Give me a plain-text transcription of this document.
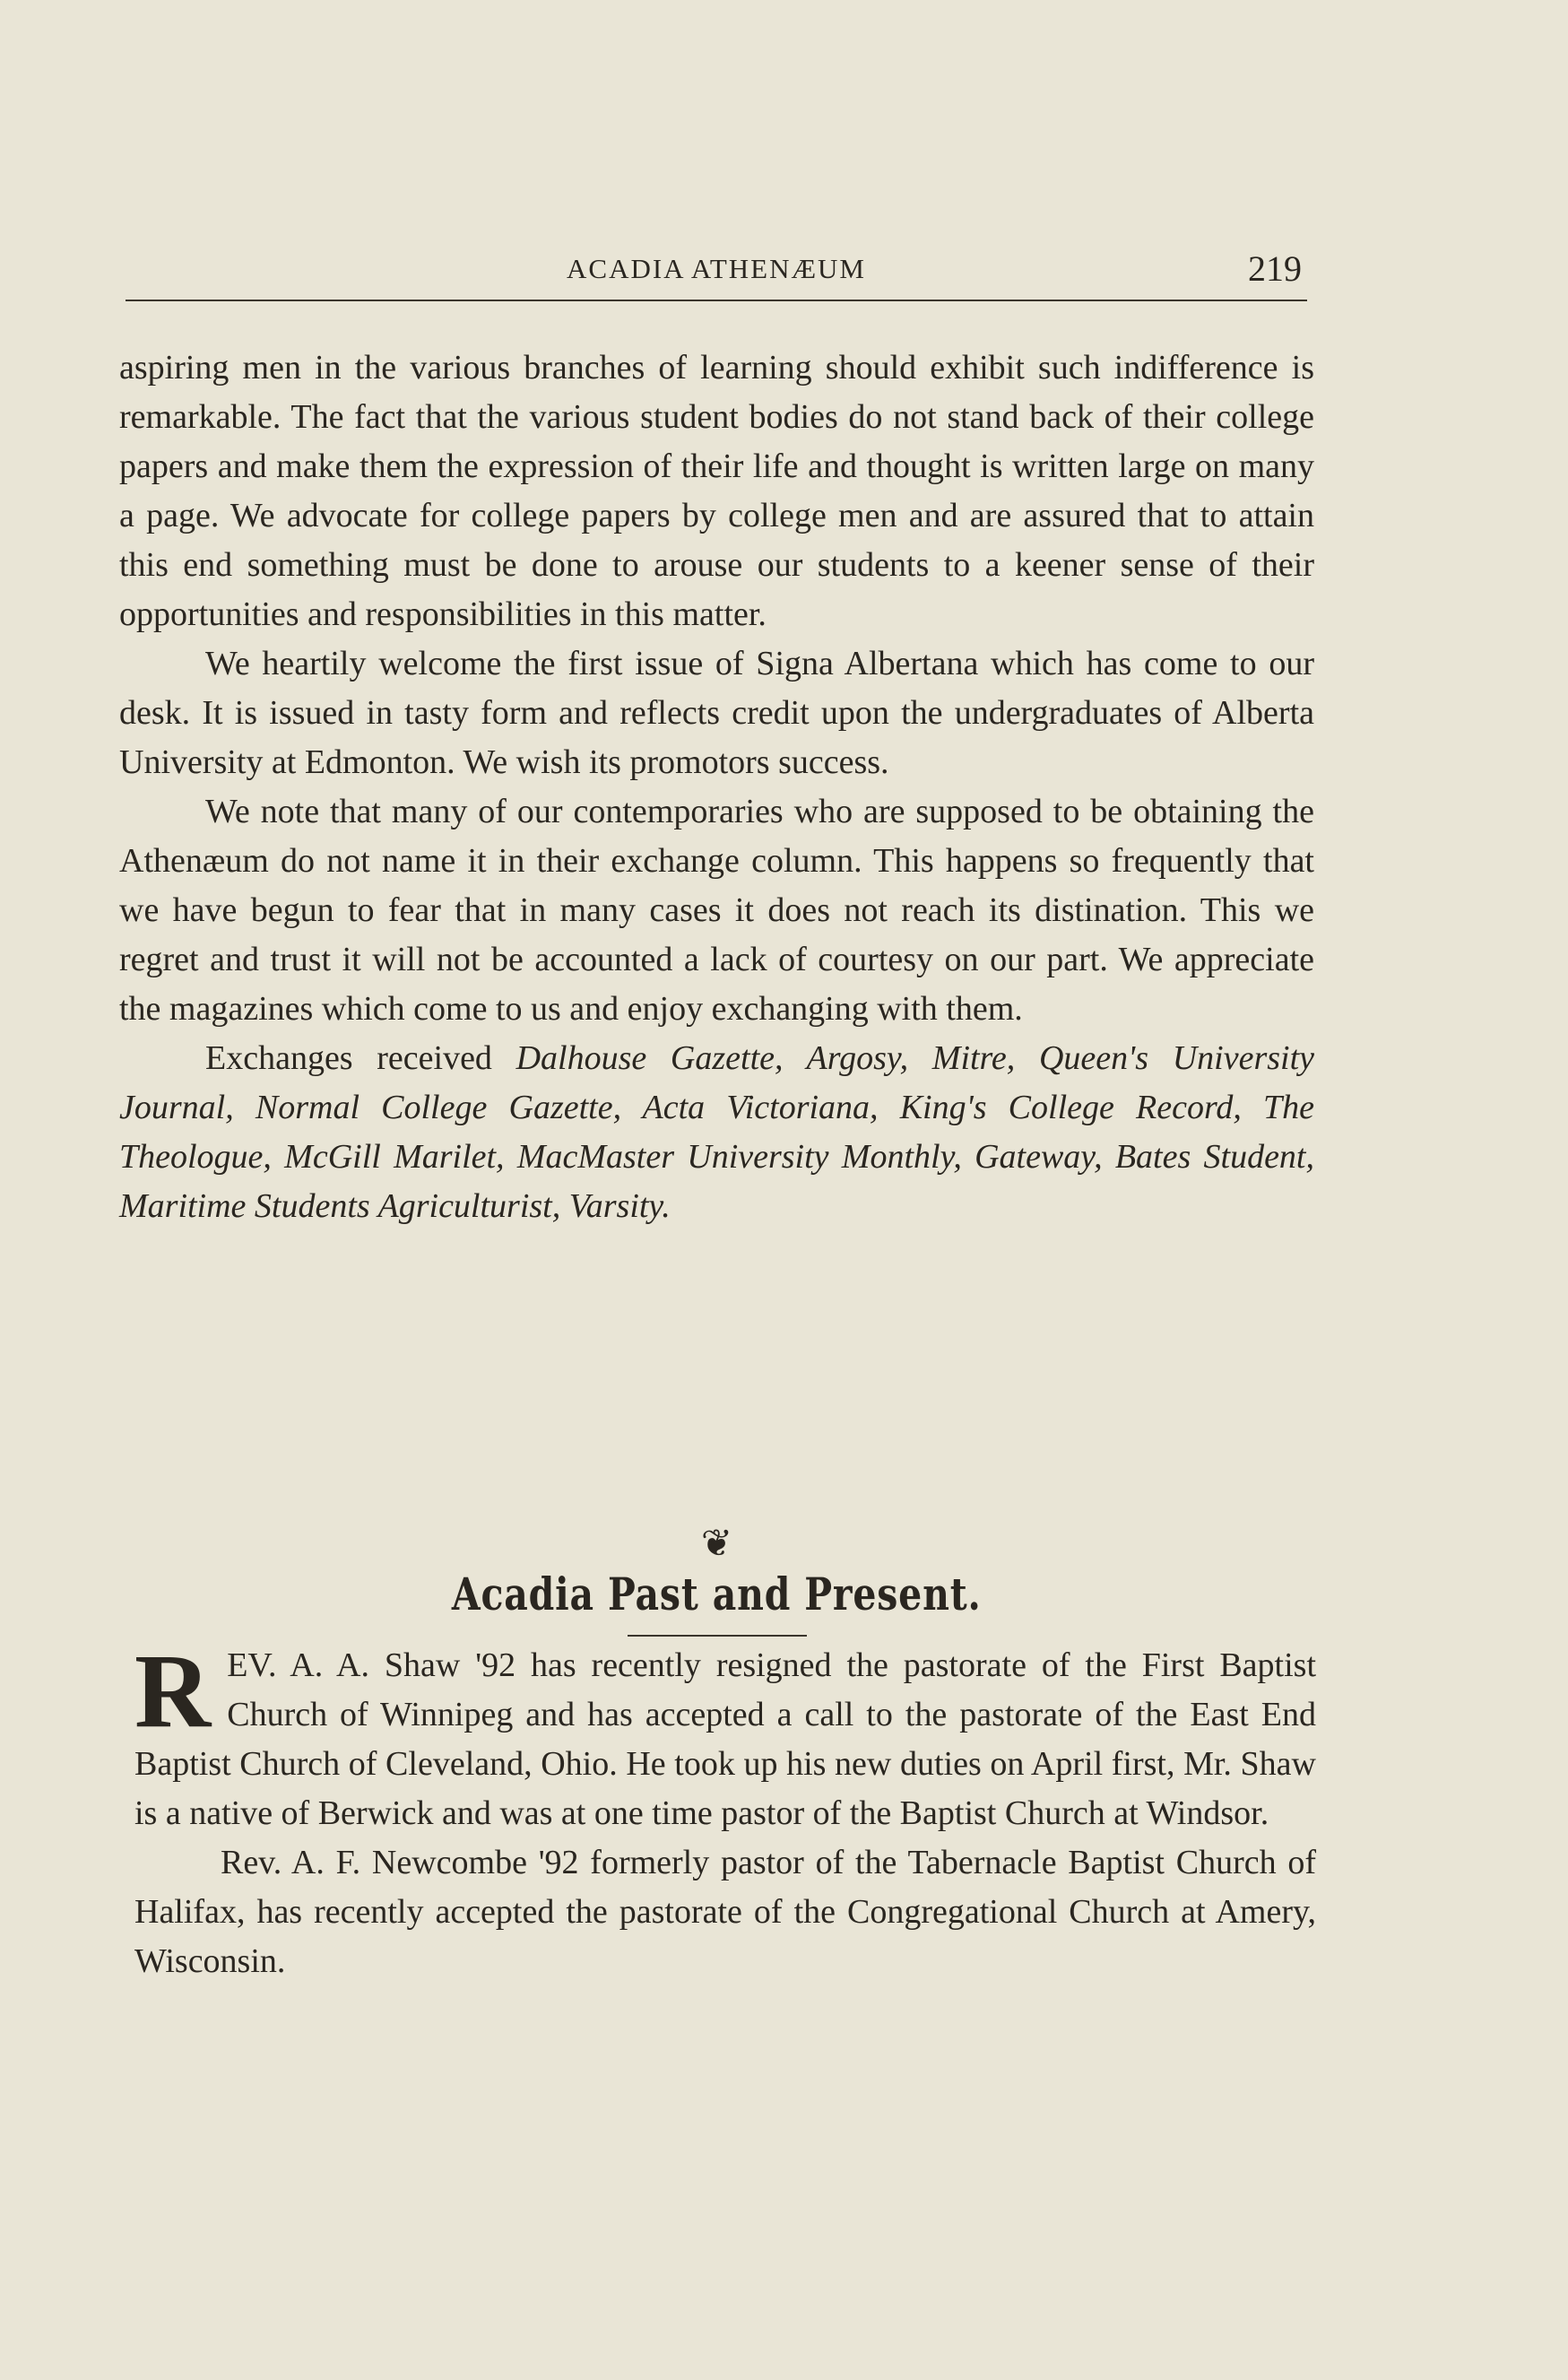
ACADIA ATHENÆUM	219

aspiring men in the various branches of learning should exhibit such indifference is remarkable. The fact that the various student bodies do not stand back of their college papers and make them the expression of their life and thought is written large on many a page. We advocate for college papers by college men and are assured that to attain this end something must be done to arouse our students to a keener sense of their opportunities and responsibilities in this matter.

We heartily welcome the first issue of Signa Albertana which has come to our desk. It is issued in tasty form and reflects credit upon the undergraduates of Alberta University at Edmonton. We wish its promotors success.

We note that many of our contemporaries who are supposed to be obtaining the Athenæum do not name it in their exchange column. This happens so frequently that we have begun to fear that in many cases it does not reach its distination. This we regret and trust it will not be accounted a lack of courtesy on our part. We appreciate the magazines which come to us and enjoy exchanging with them.

Exchanges received Dalhouse Gazette, Argosy, Mitre, Queen's University Journal, Normal College Gazette, Acta Victoriana, King's College Record, The Theologue, McGill Marilet, MacMaster University Monthly, Gateway, Bates Student, Maritime Students Agriculturist, Varsity.

❦
Acadia Past and Present.

REV. A. A. Shaw '92 has recently resigned the pastorate of the First Baptist Church of Winnipeg and has accepted a call to the pastorate of the East End Baptist Church of Cleveland, Ohio. He took up his new duties on April first, Mr. Shaw is a native of Berwick and was at one time pastor of the Baptist Church at Windsor.

Rev. A. F. Newcombe '92 formerly pastor of the Tabernacle Baptist Church of Halifax, has recently accepted the pastorate of the Congregational Church at Amery, Wisconsin.
